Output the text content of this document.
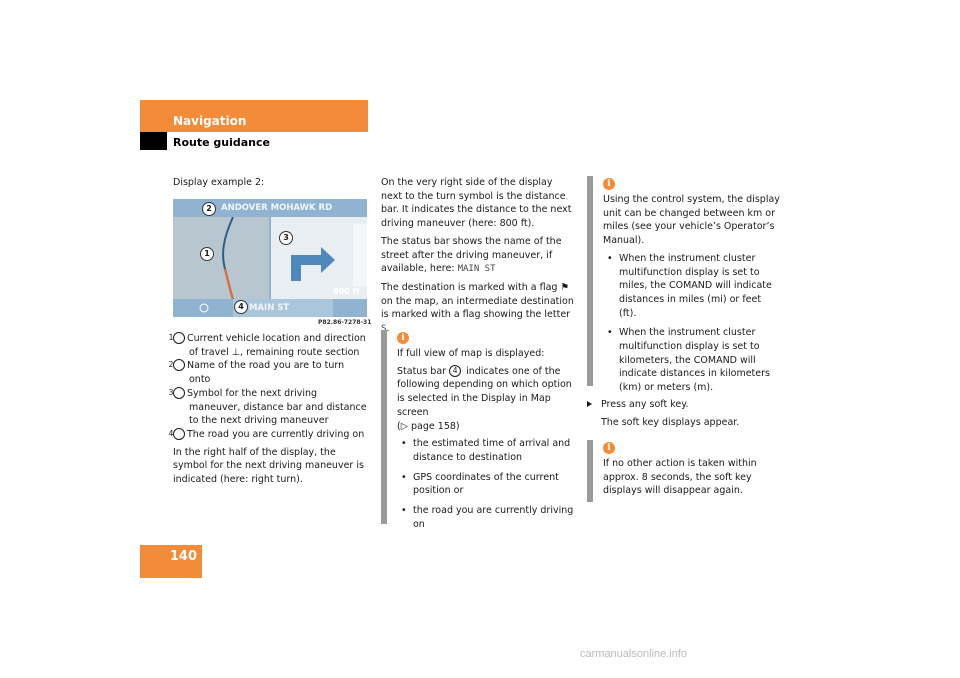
Navigation
Route guidance

Display example 2:

ANDOVER MOHAWK RD
MAIN ST
800 ft
2
1
3
4
P82.86-7278-31
1 Current vehicle location and direction of travel ⊥, remaining route section
2 Name of the road you are to turn onto
3 Symbol for the next driving maneuver, distance bar and distance to the next driving maneuver
4 The road you are currently driving on

In the right half of the display, the symbol for the next driving maneuver is indicated (here: right turn).

On the very right side of the display next to the turn symbol is the distance bar. It indicates the distance to the next driving maneuver (here: 800 ft).

The status bar shows the name of the street after the driving maneuver, if available, here: MAIN ST

The destination is marked with a flag ⚑ on the map, an intermediate destination is marked with a flag showing the letter S.

i

If full view of map is displayed:

Status bar 4 indicates one of the following depending on which option is selected in the Display in Map screen
(▷ page 158)

• the estimated time of arrival and distance to destination
• GPS coordinates of the current position or
• the road you are currently driving on
i

Using the control system, the display unit can be changed between km or miles (see your vehicle’s Operator’s Manual).

• When the instrument cluster multifunction display is set to miles, the COMAND will indicate distances in miles (mi) or feet (ft).
• When the instrument cluster multifunction display is set to kilometers, the COMAND will indicate distances in kilometers (km) or meters (m).
Press any soft key.

The soft key displays appear.

i

If no other action is taken within approx. 8 seconds, the soft key displays will disappear again.

140
carmanualsonline.info
